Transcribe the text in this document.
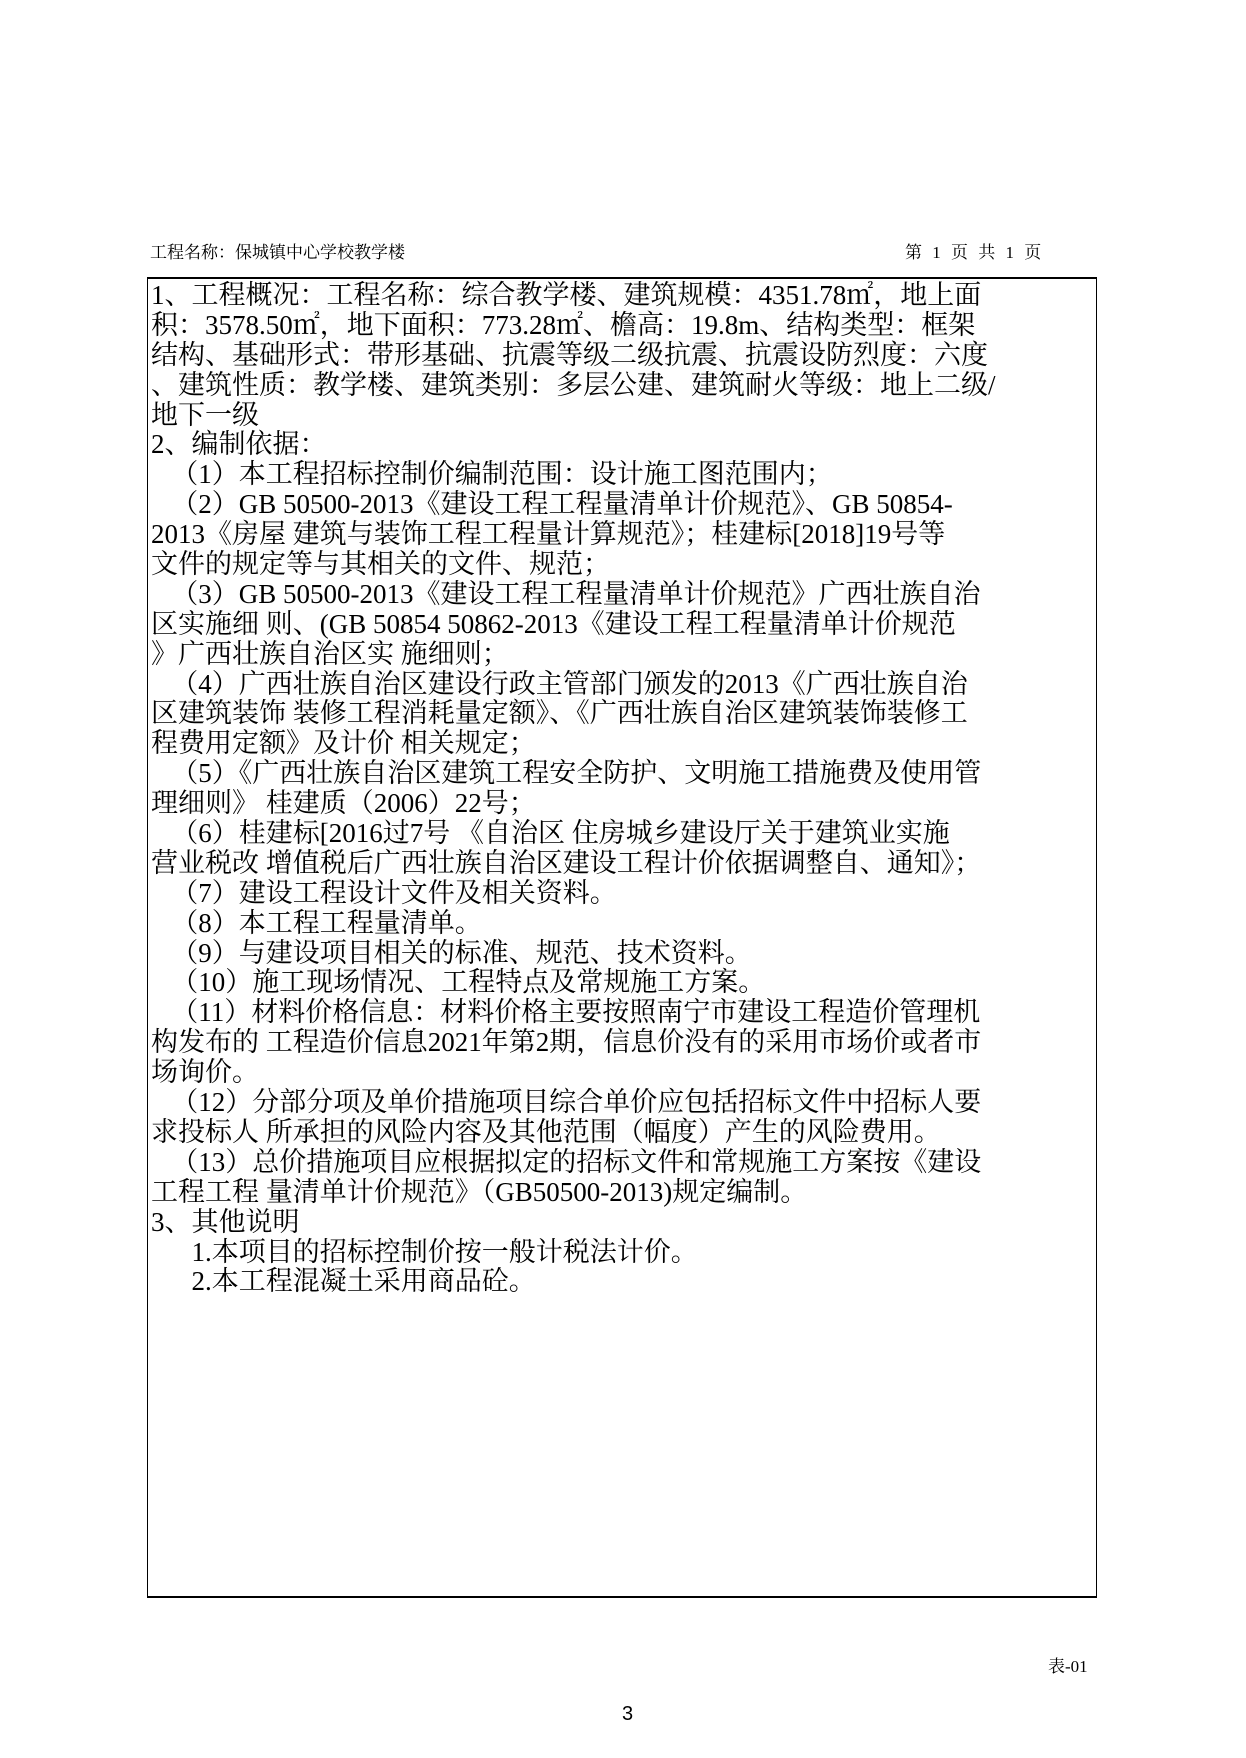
工程名称：保城镇中心学校教学楼	第 1 页 共 1 页
1、工程概况：工程名称：综合教学楼、建筑规模：4351.78㎡，地上面
积：3578.50㎡，地下面积：773.28㎡、檐高：19.8m、结构类型：框架
结构、基础形式：带形基础、抗震等级二级抗震、抗震设防烈度：六度
、建筑性质：教学楼、建筑类别：多层公建、建筑耐火等级：地上二级/
地下一级
2、编制依据：
（1）本工程招标控制价编制范围：设计施工图范围内；
（2）GB 50500-2013《建设工程工程量清单计价规范》、GB 50854-
2013《房屋 建筑与装饰工程工程量计算规范》；桂建标[2018]19号等
文件的规定等与其相关的文件、规范；
（3）GB 50500-2013《建设工程工程量清单计价规范》广西壮族自治
区实施细 则、(GB 50854 50862-2013《建设工程工程量清单计价规范
》广西壮族自治区实 施细则；
（4）广西壮族自治区建设行政主管部门颁发的2013《广西壮族自治
区建筑装饰 装修工程消耗量定额》、《广西壮族自治区建筑装饰装修工
程费用定额》及计价 相关规定；
（5）《广西壮族自治区建筑工程安全防护、文明施工措施费及使用管
理细则》 桂建质（2006）22号；
（6）桂建标[2016过7号 《自治区 住房城乡建设厅关于建筑业实施
营业税改 增值税后广西壮族自治区建设工程计价依据调整自、通知》；
（7）建设工程设计文件及相关资料。
（8）本工程工程量清单。
（9）与建设项目相关的标准、规范、技术资料。
（10）施工现场情况、工程特点及常规施工方案。
（11）材料价格信息：材料价格主要按照南宁市建设工程造价管理机
构发布的 工程造价信息2021年第2期，信息价没有的采用市场价或者市
场询价。
（12）分部分项及单价措施项目综合单价应包括招标文件中招标人要
求投标人 所承担的风险内容及其他范围（幅度）产生的风险费用。
（13）总价措施项目应根据拟定的招标文件和常规施工方案按《建设
工程工程 量清单计价规范》（GB50500-2013)规定编制。
3、其他说明
1.本项目的招标控制价按一般计税法计价。
2.本工程混凝土采用商品砼。
表-01
3
